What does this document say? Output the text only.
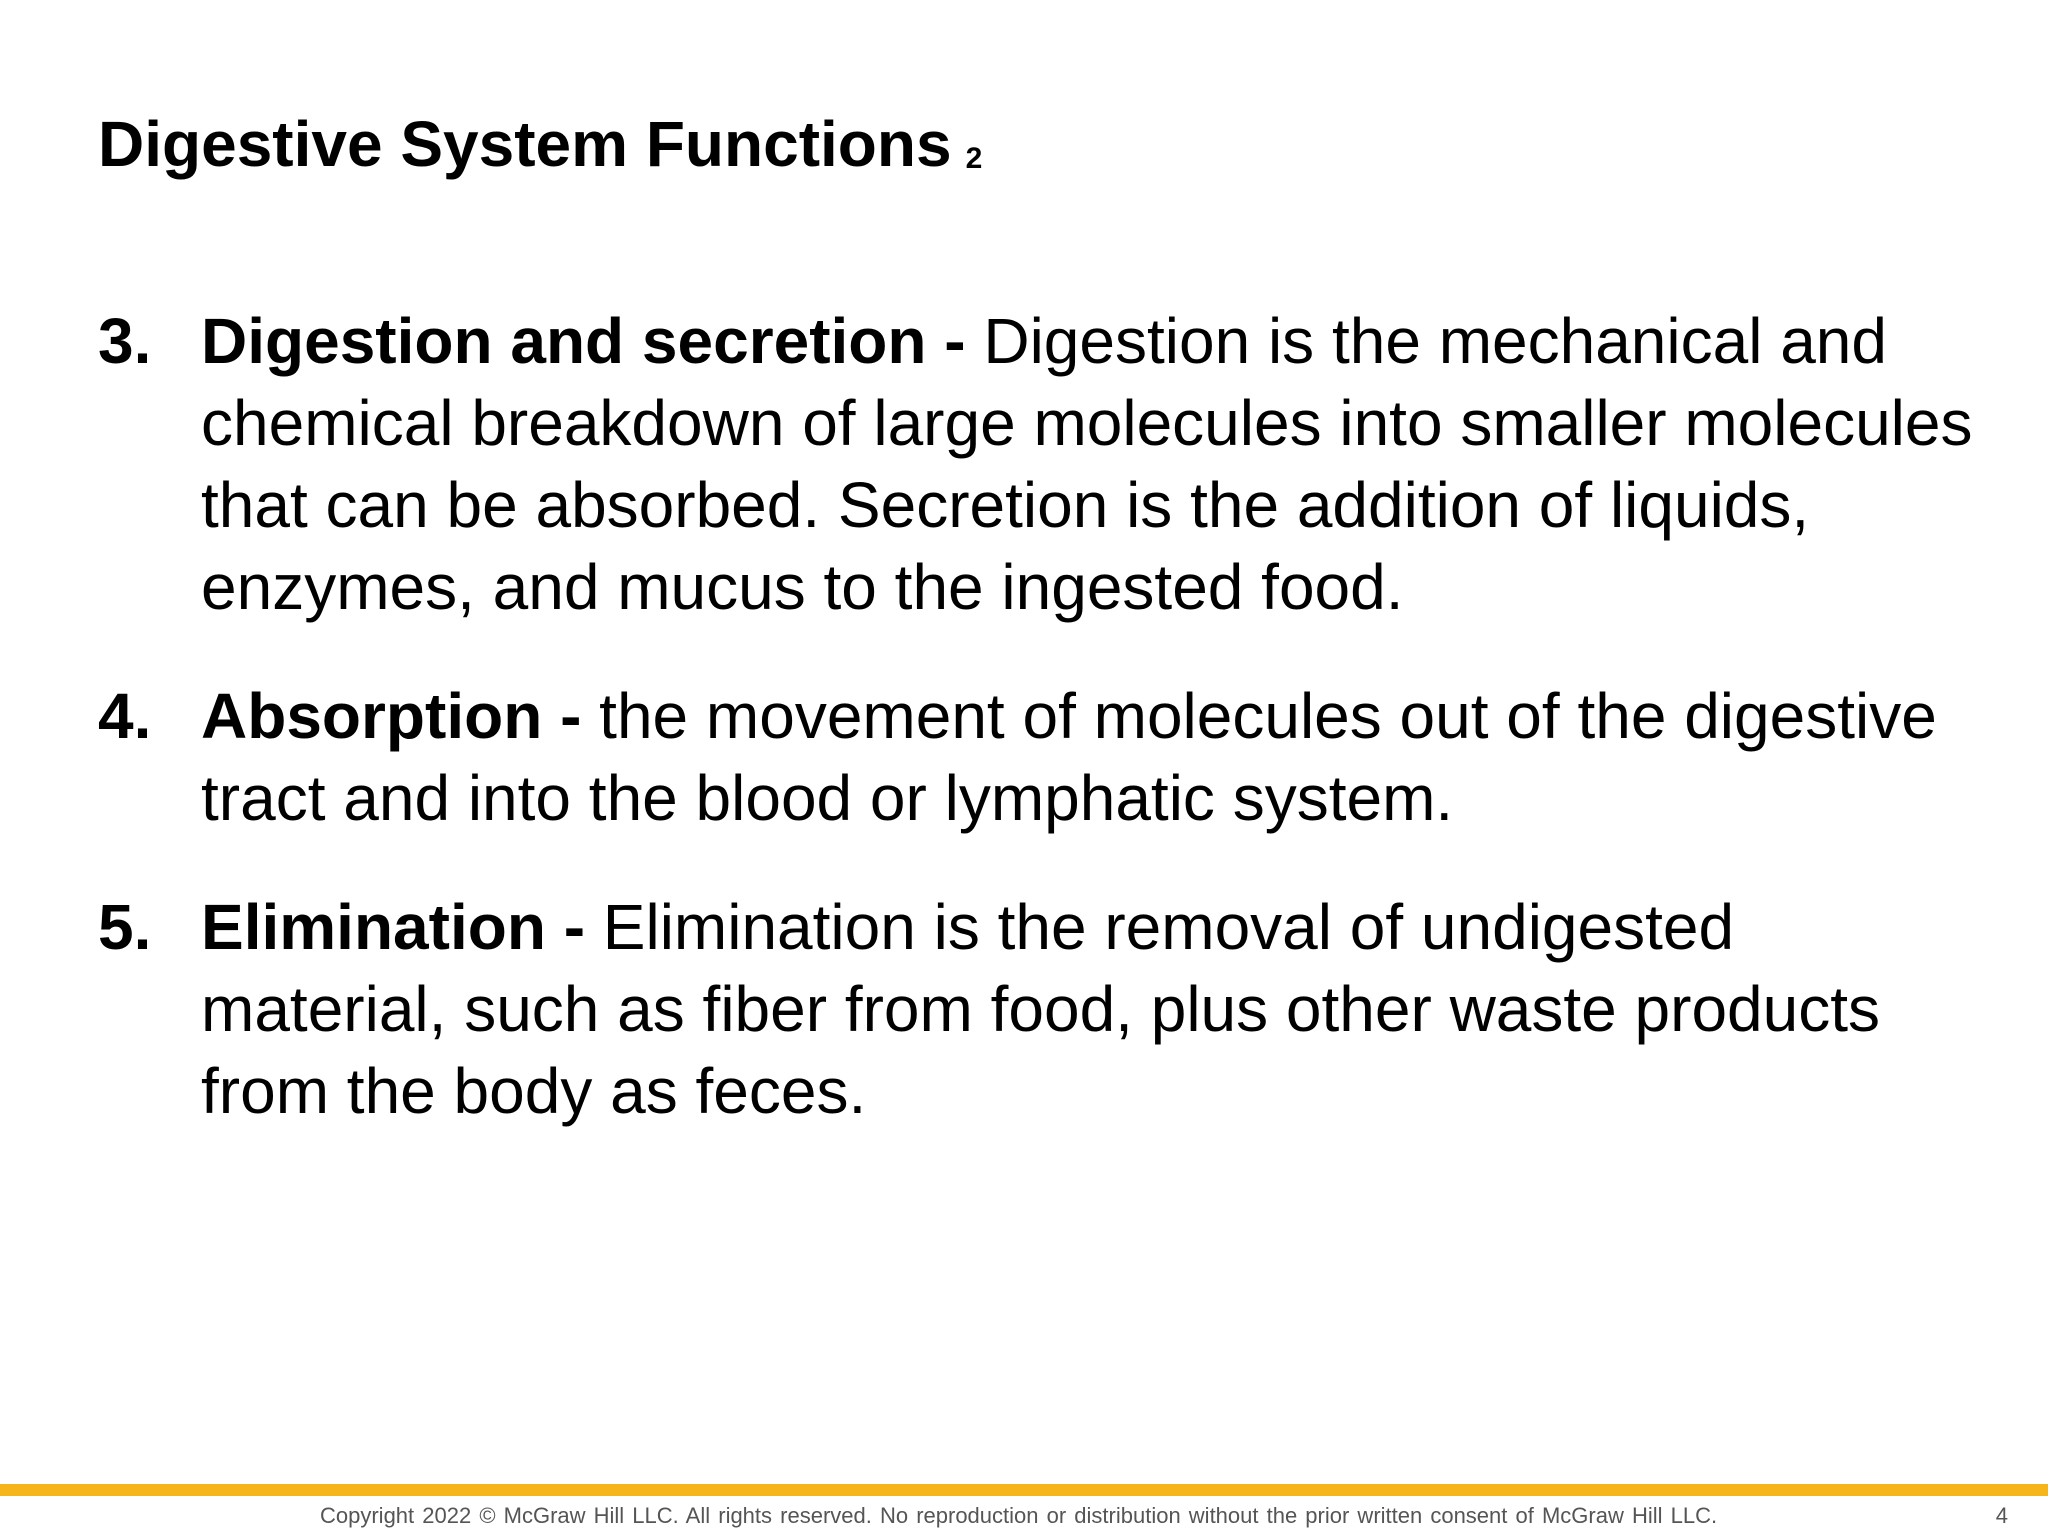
Digestive System Functions 2
3. Digestion and secretion - Digestion is the mechanical and chemical breakdown of large molecules into smaller molecules that can be absorbed. Secretion is the addition of liquids, enzymes, and mucus to the ingested food.
4. Absorption - the movement of molecules out of the digestive tract and into the blood or lymphatic system.
5. Elimination - Elimination is the removal of undigested material, such as fiber from food, plus other waste products from the body as feces.
Copyright 2022 © McGraw Hill LLC. All rights reserved. No reproduction or distribution without the prior written consent of McGraw Hill LLC.	4
